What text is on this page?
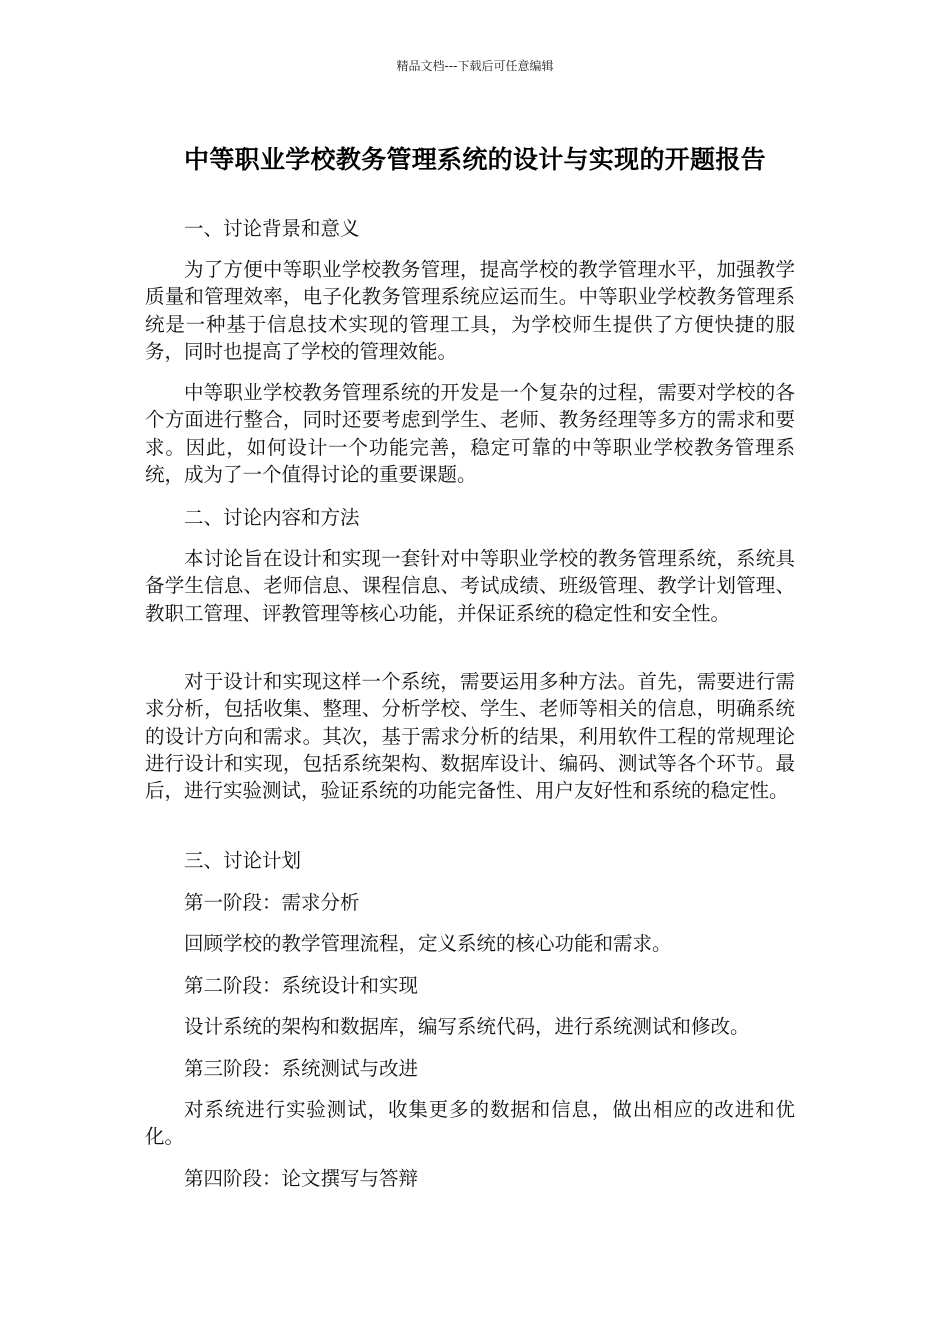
精品文档---下载后可任意编辑
中等职业学校教务管理系统的设计与实现的开题报告

一、讨论背景和意义

为了方便中等职业学校教务管理，提高学校的教学管理水平，加强教学质量和管理效率，电子化教务管理系统应运而生。中等职业学校教务管理系统是一种基于信息技术实现的管理工具，为学校师生提供了方便快捷的服务，同时也提高了学校的管理效能。

中等职业学校教务管理系统的开发是一个复杂的过程，需要对学校的各个方面进行整合，同时还要考虑到学生、老师、教务经理等多方的需求和要求。因此，如何设计一个功能完善，稳定可靠的中等职业学校教务管理系统，成为了一个值得讨论的重要课题。

二、讨论内容和方法

本讨论旨在设计和实现一套针对中等职业学校的教务管理系统，系统具备学生信息、老师信息、课程信息、考试成绩、班级管理、教学计划管理、教职工管理、评教管理等核心功能，并保证系统的稳定性和安全性。

对于设计和实现这样一个系统，需要运用多种方法。首先，需要进行需求分析，包括收集、整理、分析学校、学生、老师等相关的信息，明确系统的设计方向和需求。其次，基于需求分析的结果，利用软件工程的常规理论进行设计和实现，包括系统架构、数据库设计、编码、测试等各个环节。最后，进行实验测试，验证系统的功能完备性、用户友好性和系统的稳定性。

三、讨论计划

第一阶段：需求分析

回顾学校的教学管理流程，定义系统的核心功能和需求。

第二阶段：系统设计和实现

设计系统的架构和数据库，编写系统代码，进行系统测试和修改。

第三阶段：系统测试与改进

对系统进行实验测试，收集更多的数据和信息，做出相应的改进和优化。

第四阶段：论文撰写与答辩
